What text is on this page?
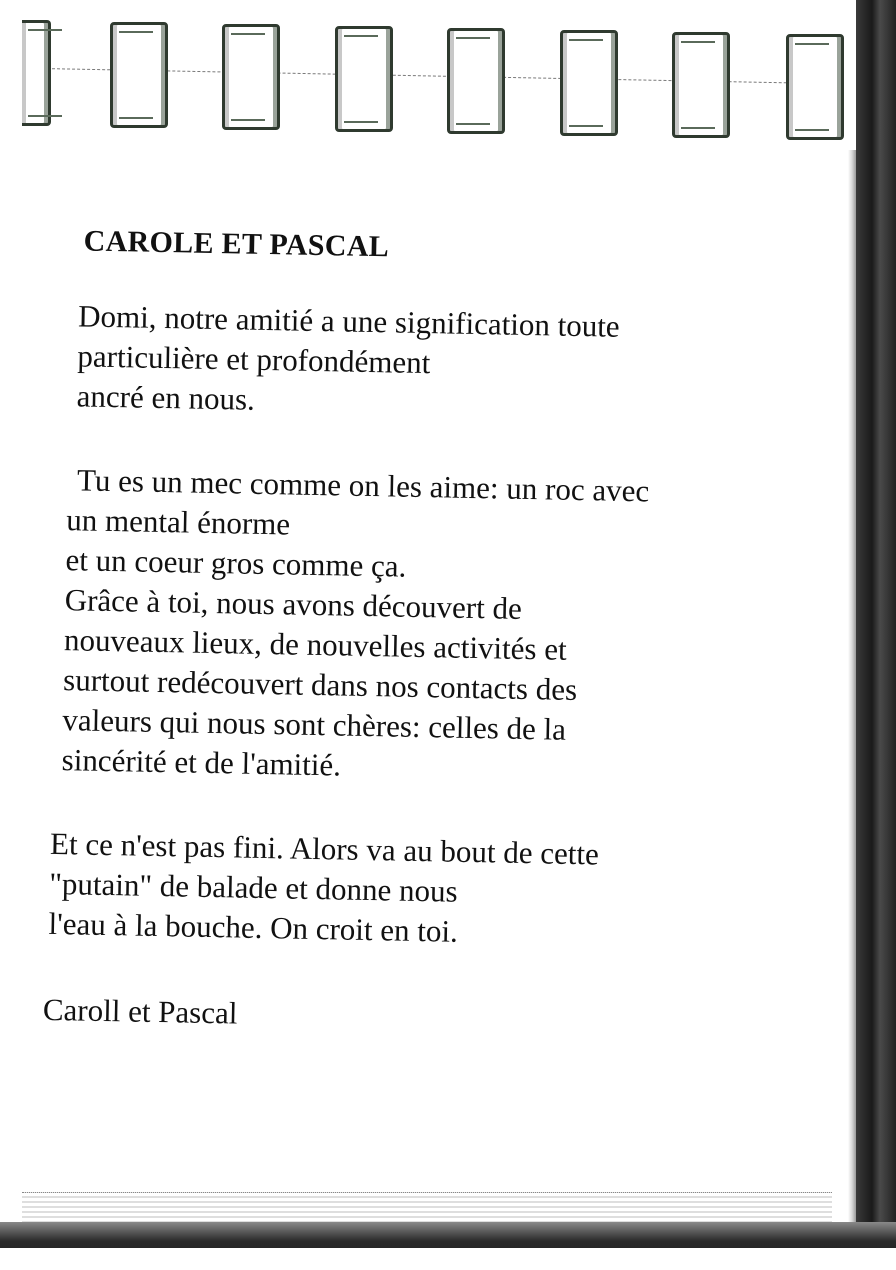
CAROLE ET PASCAL
Domi, notre amitié a une signification toute
particulière et profondément
ancré en nous.
Tu es un mec comme on les aime: un roc avec
un mental énorme
et un coeur gros comme ça.
Grâce à toi, nous avons découvert de
nouveaux lieux, de nouvelles activités et
surtout redécouvert dans nos contacts des
valeurs qui nous sont chères: celles de la
sincérité et de l'amitié.
Et ce n'est pas fini. Alors va au bout de cette
"putain" de balade et donne nous
l'eau à la bouche. On croit en toi.
Caroll et Pascal
